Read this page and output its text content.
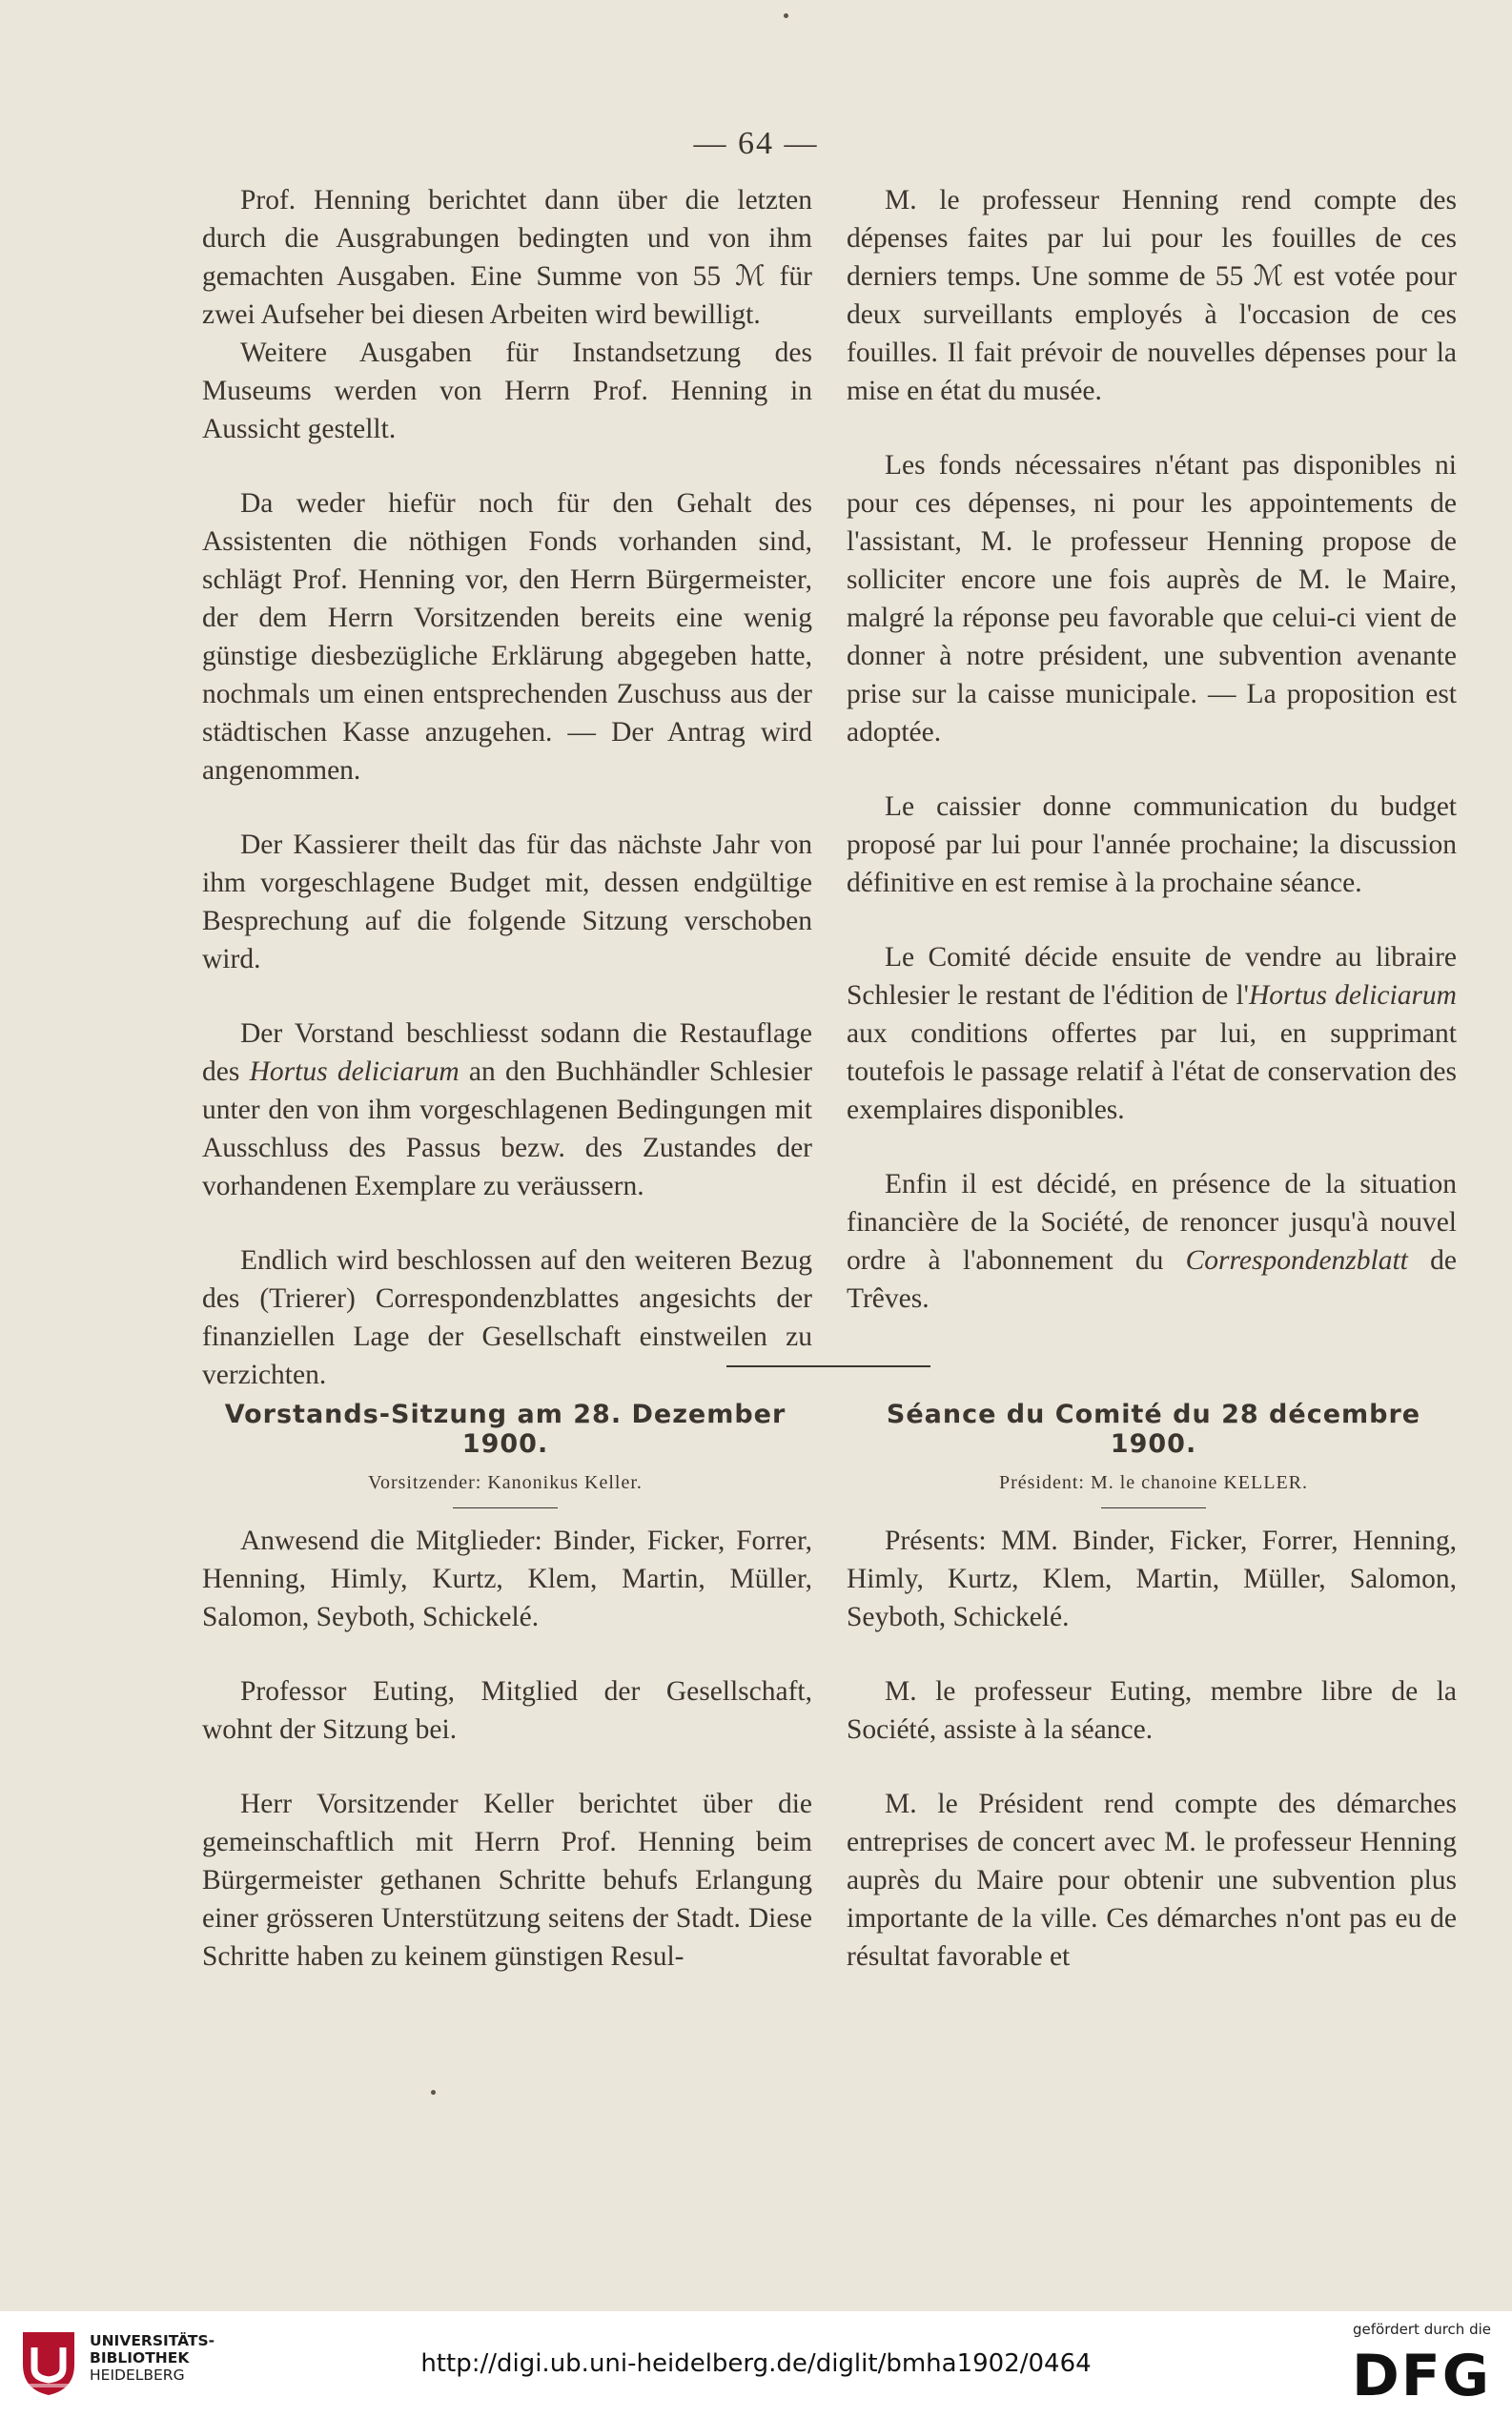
— 64 —

Prof. Henning berichtet dann über die letzten durch die Ausgrabungen bedingten und von ihm gemachten Ausgaben. Eine Summe von 55 ℳ für zwei Aufseher bei diesen Arbeiten wird bewilligt.

Weitere Ausgaben für Instandsetzung des Museums werden von Herrn Prof. Henning in Aussicht gestellt.

Da weder hiefür noch für den Gehalt des Assistenten die nöthigen Fonds vorhanden sind, schlägt Prof. Henning vor, den Herrn Bürgermeister, der dem Herrn Vorsitzenden bereits eine wenig günstige diesbezügliche Erklärung abgegeben hatte, nochmals um einen entsprechenden Zuschuss aus der städtischen Kasse anzugehen. — Der Antrag wird angenommen.

Der Kassierer theilt das für das nächste Jahr von ihm vorgeschlagene Budget mit, dessen endgültige Besprechung auf die folgende Sitzung verschoben wird.

Der Vorstand beschliesst sodann die Restauflage des Hortus deliciarum an den Buchhändler Schlesier unter den von ihm vorgeschlagenen Bedingungen mit Ausschluss des Passus bezw. des Zustandes der vorhandenen Exemplare zu veräussern.

Endlich wird beschlossen auf den weiteren Bezug des (Trierer) Correspondenzblattes angesichts der finanziellen Lage der Gesellschaft einstweilen zu verzichten.

M. le professeur Henning rend compte des dépenses faites par lui pour les fouilles de ces derniers temps. Une somme de 55 ℳ est votée pour deux surveillants employés à l'occasion de ces fouilles. Il fait prévoir de nouvelles dépenses pour la mise en état du musée.

Les fonds nécessaires n'étant pas disponibles ni pour ces dépenses, ni pour les appointements de l'assistant, M. le professeur Henning propose de solliciter encore une fois auprès de M. le Maire, malgré la réponse peu favorable que celui-ci vient de donner à notre président, une subvention avenante prise sur la caisse municipale. — La proposition est adoptée.

Le caissier donne communication du budget proposé par lui pour l'année prochaine; la discussion définitive en est remise à la prochaine séance.

Le Comité décide ensuite de vendre au libraire Schlesier le restant de l'édition de l'Hortus deliciarum aux conditions offertes par lui, en supprimant toutefois le passage relatif à l'état de conservation des exemplaires disponibles.

Enfin il est décidé, en présence de la situation financière de la Société, de renoncer jusqu'à nouvel ordre à l'abonnement du Correspondenzblatt de Trêves.

Vorstands-Sitzung am 28. Dezember 1900.
Vorsitzender: Kanonikus Keller.
Séance du Comité du 28 décembre 1900.
Président: M. le chanoine KELLER.

Anwesend die Mitglieder: Binder, Ficker, Forrer, Henning, Himly, Kurtz, Klem, Martin, Müller, Salomon, Seyboth, Schickelé.

Professor Euting, Mitglied der Gesellschaft, wohnt der Sitzung bei.

Herr Vorsitzender Keller berichtet über die gemeinschaftlich mit Herrn Prof. Henning beim Bürgermeister gethanen Schritte behufs Erlangung einer grösseren Unterstützung seitens der Stadt. Diese Schritte haben zu keinem günstigen Resul-

Présents: MM. Binder, Ficker, Forrer, Henning, Himly, Kurtz, Klem, Martin, Müller, Salomon, Seyboth, Schickelé.

M. le professeur Euting, membre libre de la Société, assiste à la séance.

M. le Président rend compte des démarches entreprises de concert avec M. le professeur Henning auprès du Maire pour obtenir une subvention plus importante de la ville. Ces démarches n'ont pas eu de résultat favorable et

UNIVERSITÄTS-
BIBLIOTHEK
HEIDELBERG	http://digi.ub.uni-heidelberg.de/diglit/bmha1902/0464
gefördert durch die
DFG
